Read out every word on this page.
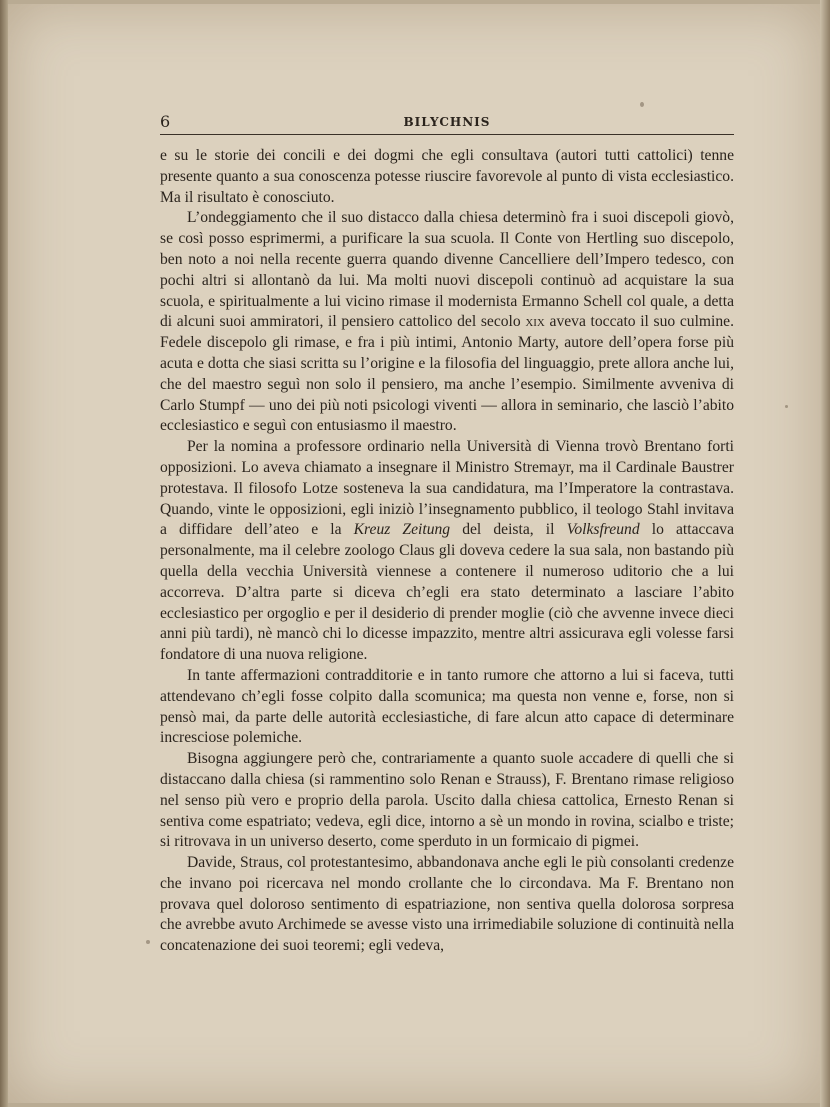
6	BILYCHNIS

e su le storie dei concili e dei dogmi che egli consultava (autori tutti cattolici) tenne presente quanto a sua conoscenza potesse riuscire favorevole al punto di vista ecclesiastico. Ma il risultato è conosciuto.

L’ondeggiamento che il suo distacco dalla chiesa determinò fra i suoi discepoli giovò, se così posso esprimermi, a purificare la sua scuola. Il Conte von Hertling suo discepolo, ben noto a noi nella recente guerra quando divenne Cancelliere dell’Impero tedesco, con pochi altri si allontanò da lui. Ma molti nuovi discepoli continuò ad acquistare la sua scuola, e spiritualmente a lui vicino rimase il modernista Ermanno Schell col quale, a detta di alcuni suoi ammiratori, il pensiero cattolico del secolo xix aveva toccato il suo culmine. Fedele discepolo gli rimase, e fra i più intimi, Antonio Marty, autore dell’opera forse più acuta e dotta che siasi scritta su l’origine e la filosofia del linguaggio, prete allora anche lui, che del maestro seguì non solo il pensiero, ma anche l’esempio. Similmente avveniva di Carlo Stumpf — uno dei più noti psicologi viventi — allora in seminario, che lasciò l’abito ecclesiastico e seguì con entusiasmo il maestro.

Per la nomina a professore ordinario nella Università di Vienna trovò Brentano forti opposizioni. Lo aveva chiamato a insegnare il Ministro Stremayr, ma il Cardinale Baustrer protestava. Il filosofo Lotze sosteneva la sua candidatura, ma l’Imperatore la contrastava. Quando, vinte le opposizioni, egli iniziò l’insegnamento pubblico, il teologo Stahl invitava a diffidare dell’ateo e la Kreuz Zeitung del deista, il Volksfreund lo attaccava personalmente, ma il celebre zoologo Claus gli doveva cedere la sua sala, non bastando più quella della vecchia Università viennese a contenere il numeroso uditorio che a lui accorreva. D’altra parte si diceva ch’egli era stato determinato a lasciare l’abito ecclesiastico per orgoglio e per il desiderio di prender moglie (ciò che avvenne invece dieci anni più tardi), nè mancò chi lo dicesse impazzito, mentre altri assicurava egli volesse farsi fondatore di una nuova religione.

In tante affermazioni contradditorie e in tanto rumore che attorno a lui si faceva, tutti attendevano ch’egli fosse colpito dalla scomunica; ma questa non venne e, forse, non si pensò mai, da parte delle autorità ecclesiastiche, di fare alcun atto capace di determinare incresciose polemiche.

Bisogna aggiungere però che, contrariamente a quanto suole accadere di quelli che si distaccano dalla chiesa (si rammentino solo Renan e Strauss), F. Brentano rimase religioso nel senso più vero e proprio della parola. Uscito dalla chiesa cattolica, Ernesto Renan si sentiva come espatriato; vedeva, egli dice, intorno a sè un mondo in rovina, scialbo e triste; si ritrovava in un universo deserto, come sperduto in un formicaio di pigmei.

Davide, Straus, col protestantesimo, abbandonava anche egli le più consolanti credenze che invano poi ricercava nel mondo crollante che lo circondava. Ma F. Brentano non provava quel doloroso sentimento di espatriazione, non sentiva quella dolorosa sorpresa che avrebbe avuto Archimede se avesse visto una irrimediabile soluzione di continuità nella concatenazione dei suoi teoremi; egli vedeva,
